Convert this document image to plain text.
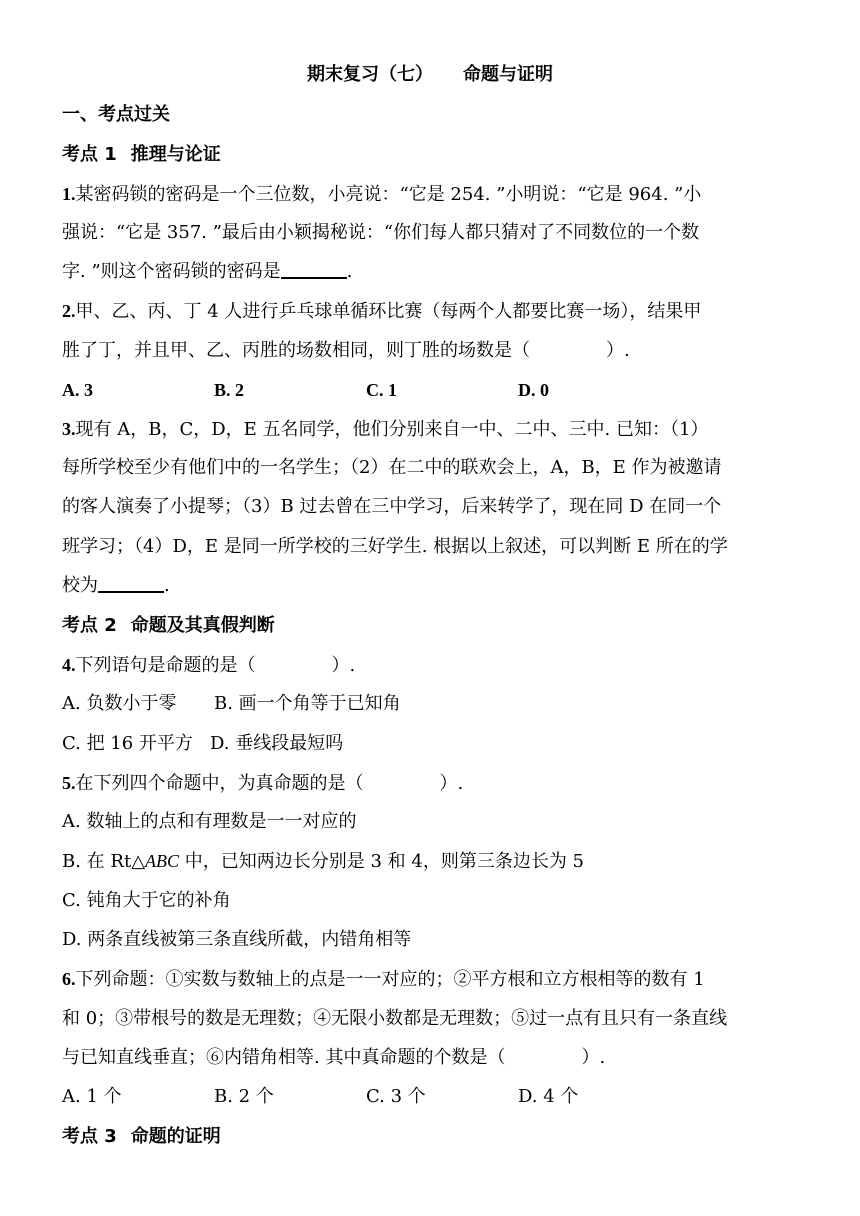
期末复习（七） 命题与证明
一、考点过关
考点 1 推理与论证
1.某密码锁的密码是一个三位数，小亮说：“它是 254. ”小明说：“它是 964. ”小
强说：“它是 357. ”最后由小颖揭秘说：“你们每人都只猜对了不同数位的一个数
字. ”则这个密码锁的密码是	.
2.甲、乙、丙、丁 4 人进行乒乓球单循环比赛（每两个人都要比赛一场），结果甲
胜了丁，并且甲、乙、丙胜的场数相同，则丁胜的场数是（	）.
A. 3	B. 2	C. 1	D. 0
3.现有 A，B，C，D，E 五名同学，他们分别来自一中、二中、三中. 已知：（1）
每所学校至少有他们中的一名学生；（2）在二中的联欢会上，A，B，E 作为被邀请
的客人演奏了小提琴；（3）B 过去曾在三中学习，后来转学了，现在同 D 在同一个
班学习；（4）D，E 是同一所学校的三好学生. 根据以上叙述，可以判断 E 所在的学
校为	.
考点 2 命题及其真假判断
4.下列语句是命题的是（	）.
A. 负数小于零 B. 画一个角等于已知角
C. 把 16 开平方 D. 垂线段最短吗
5.在下列四个命题中，为真命题的是（	）.
A. 数轴上的点和有理数是一一对应的
B. 在 Rt△ABC 中，已知两边长分别是 3 和 4，则第三条边长为 5
C. 钝角大于它的补角
D. 两条直线被第三条直线所截，内错角相等
6.下列命题：①实数与数轴上的点是一一对应的；②平方根和立方根相等的数有 1
和 0；③带根号的数是无理数；④无限小数都是无理数；⑤过一点有且只有一条直线
与已知直线垂直；⑥内错角相等. 其中真命题的个数是（	）.
A. 1 个	B. 2 个	C. 3 个	D. 4 个
考点 3 命题的证明
